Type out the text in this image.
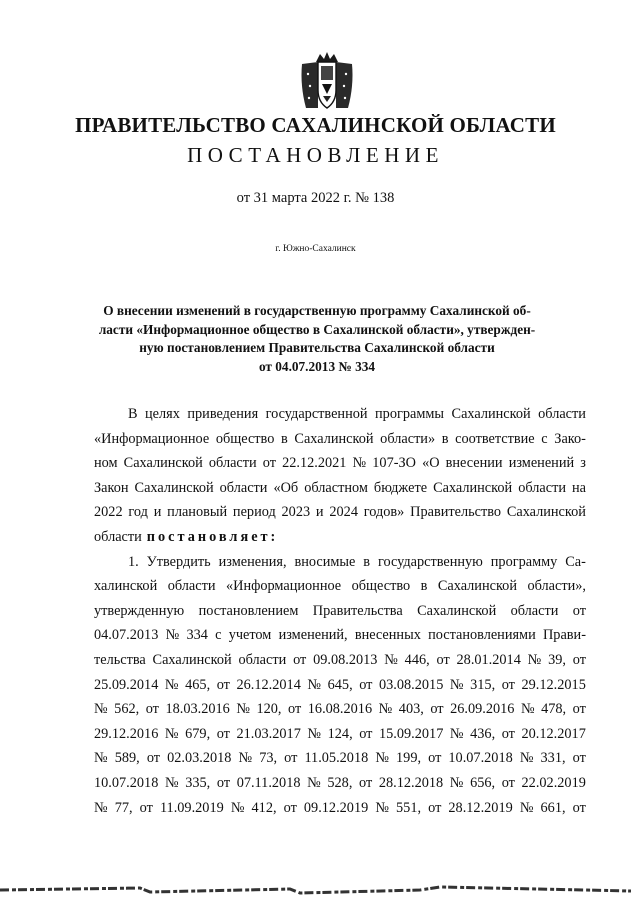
ПРАВИТЕЛЬСТВО САХАЛИНСКОЙ ОБЛАСТИ
ПОСТАНОВЛЕНИЕ
от 31 марта 2022 г. № 138
г. Южно-Сахалинск
О внесении изменений в государственную программу Сахалинской об-
ласти «Информационное общество в Сахалинской области», утвержден-
ную постановлением Правительства Сахалинской области
от 04.07.2013 № 334
В целях приведения государственной программы Сахалинской области
«Информационное общество в Сахалинской области» в соответствие с Зако-
ном Сахалинской области от 22.12.2021 № 107-ЗО «О внесении изменений з
Закон Сахалинской области «Об областном бюджете Сахалинской области на
2022 год и плановый период 2023 и 2024 годов» Правительство Сахалинской
области постановляет:
1. Утвердить изменения, вносимые в государственную программу Са-
халинской области «Информационное общество в Сахалинской области»,
утвержденную постановлением Правительства Сахалинской области от
04.07.2013 № 334 с учетом изменений, внесенных постановлениями Прави-
тельства Сахалинской области от 09.08.2013 № 446, от 28.01.2014 № 39, от
25.09.2014 № 465, от 26.12.2014 № 645, от 03.08.2015 № 315, от 29.12.2015
№ 562, от 18.03.2016 № 120, от 16.08.2016 № 403, от 26.09.2016 № 478, от
29.12.2016 № 679, от 21.03.2017 № 124, от 15.09.2017 № 436, от 20.12.2017
№ 589, от 02.03.2018 № 73, от 11.05.2018 № 199, от 10.07.2018 № 331, от
10.07.2018 № 335, от 07.11.2018 № 528, от 28.12.2018 № 656, от 22.02.2019
№ 77, от 11.09.2019 № 412, от 09.12.2019 № 551, от 28.12.2019 № 661, от
